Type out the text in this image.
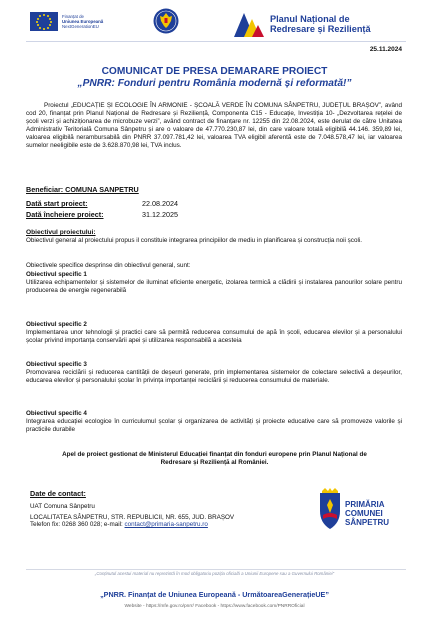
Finanțat de
Uniunea Europeană
NextGenerationEU
Planul Național de
Redresare și Reziliență
25.11.2024
COMUNICAT DE PRESA DEMARARE PROIECT
„PNRR: Fonduri pentru România modernă și reformată!”
Proiectul „EDUCAȚIE ȘI ECOLOGIE ÎN ARMONIE - ȘCOALĂ VERDE ÎN COMUNA SÂNPETRU, JUDEȚUL BRAȘOV”, având cod 20, finanțat prin Planul Național de Redresare și Reziliență, Componenta C15 - Educație, Investiția 10- „Dezvoltarea rețelei de școli verzi și achiziționarea de microbuze verzi”, având contract de finanțare nr. 12255 din 22.08.2024, este derulat de către Unitatea Administrativ Teritorială Comuna Sânpetru și are o valoare de 47.770.230,87 lei, din care valoare totală eligibilă 44.146. 359,89 lei, valoarea eligibilă nerambursabilă din PNRR 37.097.781,42 lei, valoarea TVA eligibil aferentă este de 7.048.578,47 lei, iar valoarea sumelor neeligibile este de 3.628.870,98 lei, TVA inclus.
Beneficiar: COMUNA SANPETRU
Dată start proiect:	22.08.2024
Dată încheiere proiect:	31.12.2025
Obiectivul proiectului:
Obiectivul general al proiectului propus il constituie integrarea principiilor de mediu in planificarea și construcția noii școli.
Obiectivele specifice desprinse din obiectivul general, sunt:
Obiectivul specific 1
Utilizarea echipamentelor și sistemelor de iluminat eficiente energetic, izolarea termică a clădirii și instalarea panourilor solare pentru producerea de energie regenerabilă
Obiectivul specific 2
Implementarea unor tehnologii și practici care să permită reducerea consumului de apă în școli, educarea elevilor și a personalului școlar privind importanța conservării apei și utilizarea responsabilă a acesteia
Obiectivul specific 3
Promovarea reciclării și reducerea cantității de deșeuri generate, prin implementarea sistemelor de colectare selectivă a deșeurilor, educarea elevilor și personalului școlar în privința importanței reciclării și reducerea consumului de materiale.
Obiectivul specific 4
Integrarea educației ecologice în curriculumul școlar și organizarea de activități și proiecte educative care să promoveze valorile și practicile durabile
Apel de proiect gestionat de Ministerul Educației finanțat din fonduri europene prin Planul Național de Redresare și Reziliență al României.
Date de contact:
UAT Comuna Sânpetru
LOCALITATEA SÂNPETRU, STR. REPUBLICII, NR. 655, JUD. BRAȘOV
Telefon fix: 0268 360 028; e-mail: contact@primaria-sanpetru.ro
PRIMĂRIA
COMUNEI
SÂNPETRU
„Conținutul acestui material nu reprezintă în mod obligatoriu poziția oficială a Uniunii Europene sau a Guvernului României”
„PNRR. Finanțat de Uniunea Europeană - UrmătoareaGenerațieUE”
Website - https://mfe.gov.ro/pnrr/ Facebook - https://www.facebook.com/PNRROficial
